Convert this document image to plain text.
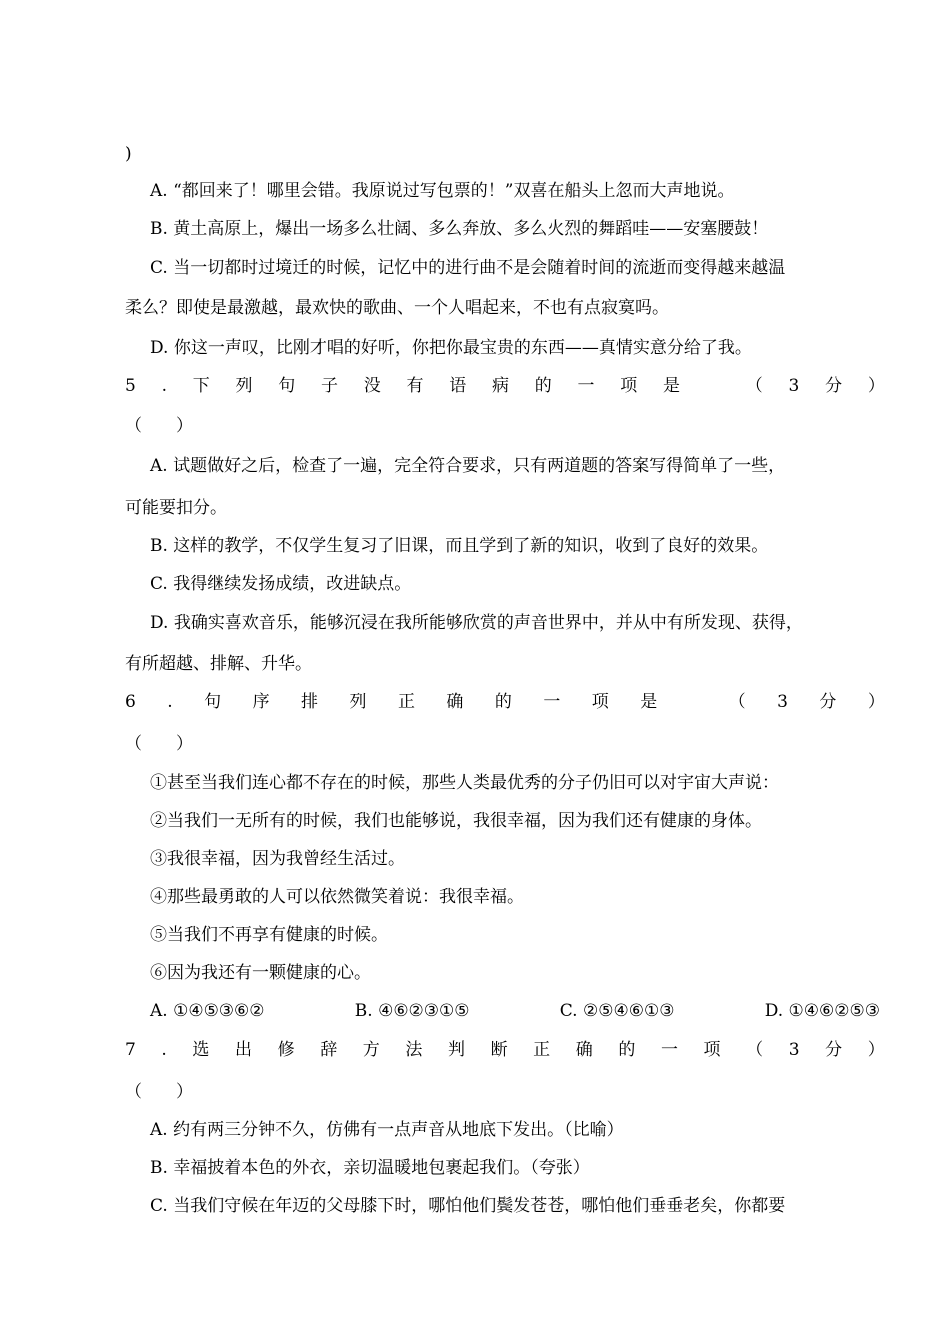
)
A. “都回来了！哪里会错。我原说过写包票的！”双喜在船头上忽而大声地说。
B. 黄土高原上，爆出一场多么壮阔、多么奔放、多么火烈的舞蹈哇——安塞腰鼓！
C. 当一切都时过境迁的时候，记忆中的进行曲不是会随着时间的流逝而变得越来越温
柔么？即使是最激越，最欢快的歌曲、一个人唱起来，不也有点寂寞吗。
D. 你这一声叹，比刚才唱的好听，你把你最宝贵的东西——真情实意分给了我。
5 . 下 列 句 子 没 有 语 病 的 一 项 是	（ 3 分 ）
（　　）
A. 试题做好之后，检查了一遍，完全符合要求，只有两道题的答案写得简单了一些，
可能要扣分。
B. 这样的教学，不仅学生复习了旧课，而且学到了新的知识，收到了良好的效果。
C. 我得继续发扬成绩，改进缺点。
D. 我确实喜欢音乐，能够沉浸在我所能够欣赏的声音世界中，并从中有所发现、获得，
有所超越、排解、升华。
6 . 句 序 排 列 正 确 的 一 项 是	（ 3 分 ）
（　　）
①甚至当我们连心都不存在的时候，那些人类最优秀的分子仍旧可以对宇宙大声说：
②当我们一无所有的时候，我们也能够说，我很幸福，因为我们还有健康的身体。
③我很幸福，因为我曾经生活过。
④那些最勇敢的人可以依然微笑着说：我很幸福。
⑤当我们不再享有健康的时候。
⑥因为我还有一颗健康的心。
A. ①④⑤③⑥②	B. ④⑥②③①⑤	C. ②⑤④⑥①③	D. ①④⑥②⑤③
7 . 选 出 修 辞 方 法 判 断 正 确 的 一 项 （ 3 分 ）
（　　）
A. 约有两三分钟不久，仿佛有一点声音从地底下发出。（比喻）
B. 幸福披着本色的外衣，亲切温暖地包裹起我们。（夸张）
C. 当我们守候在年迈的父母膝下时，哪怕他们鬓发苍苍，哪怕他们垂垂老矣，你都要
